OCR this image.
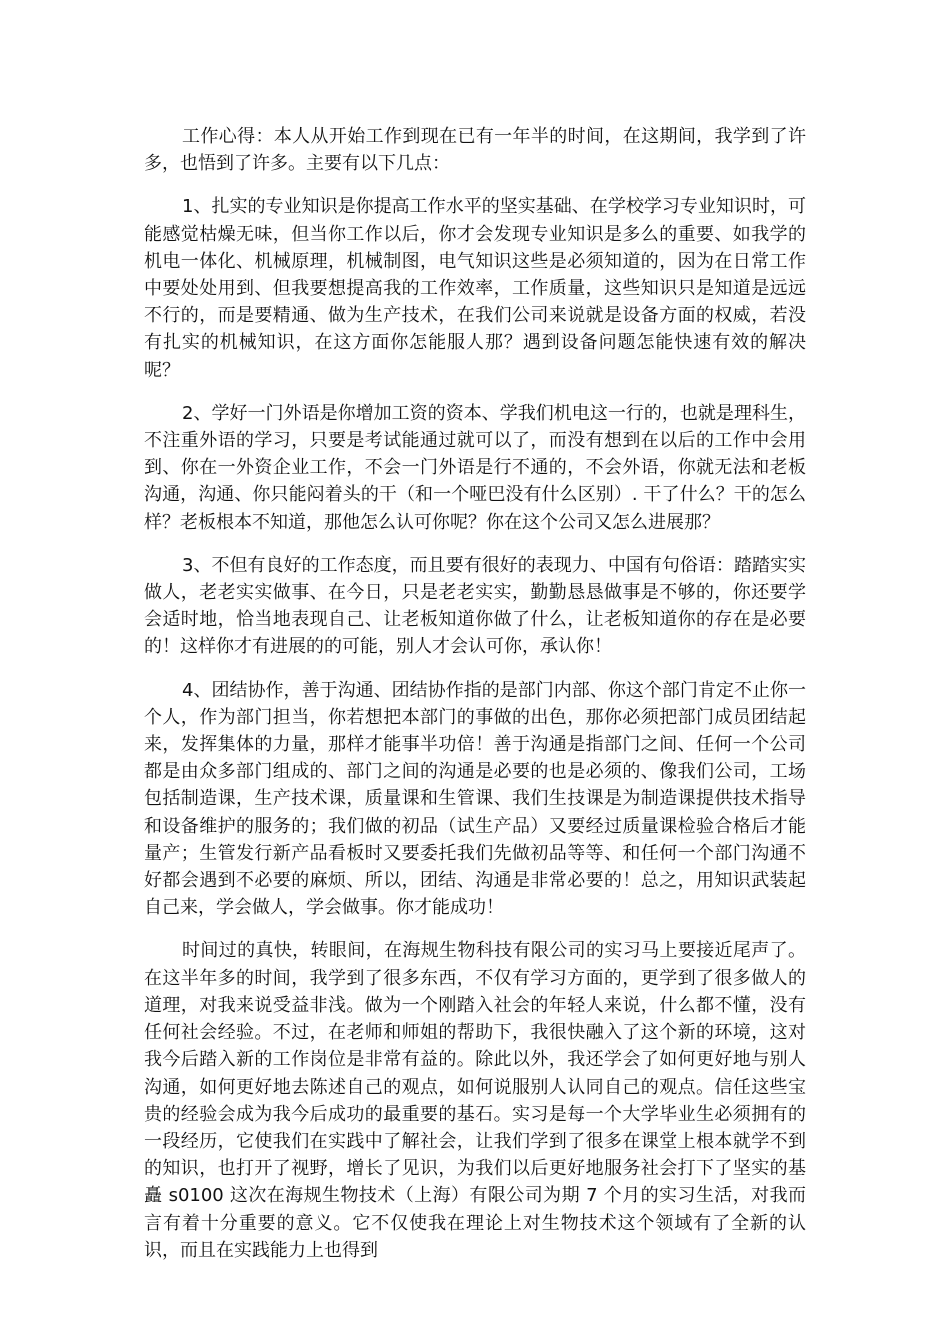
工作心得：本人从开始工作到现在已有一年半的时间，在这期间，我学到了许多，也悟到了许多。主要有以下几点：

1、扎实的专业知识是你提高工作水平的坚实基础、在学校学习专业知识时，可能感觉枯燥无味，但当你工作以后，你才会发现专业知识是多么的重要、如我学的机电一体化、机械原理，机械制图，电气知识这些是必须知道的，因为在日常工作中要处处用到、但我要想提高我的工作效率，工作质量，这些知识只是知道是远远不行的，而是要精通、做为生产技术，在我们公司来说就是设备方面的权威，若没有扎实的机械知识，在这方面你怎能服人那？遇到设备问题怎能快速有效的解决呢？

2、学好一门外语是你增加工资的资本、学我们机电这一行的，也就是理科生，不注重外语的学习，只要是考试能通过就可以了，而没有想到在以后的工作中会用到、你在一外资企业工作，不会一门外语是行不通的，不会外语，你就无法和老板沟通，沟通、你只能闷着头的干（和一个哑巴没有什么区别）. 干了什么？干的怎么样？老板根本不知道，那他怎么认可你呢？你在这个公司又怎么进展那？

3、不但有良好的工作态度，而且要有很好的表现力、中国有句俗语：踏踏实实做人，老老实实做事、在今日，只是老老实实，勤勤恳恳做事是不够的，你还要学会适时地，恰当地表现自己、让老板知道你做了什么，让老板知道你的存在是必要的！这样你才有进展的的可能，别人才会认可你，承认你！

4、团结协作，善于沟通、团结协作指的是部门内部、你这个部门肯定不止你一个人，作为部门担当，你若想把本部门的事做的出色，那你必须把部门成员团结起来，发挥集体的力量，那样才能事半功倍！善于沟通是指部门之间、任何一个公司都是由众多部门组成的、部门之间的沟通是必要的也是必须的、像我们公司，工场包括制造课，生产技术课，质量课和生管课、我们生技课是为制造课提供技术指导和设备维护的服务的；我们做的初品（试生产品）又要经过质量课检验合格后才能量产；生管发行新产品看板时又要委托我们先做初品等等、和任何一个部门沟通不好都会遇到不必要的麻烦、所以，团结、沟通是非常必要的！总之，用知识武装起自己来，学会做人，学会做事。你才能成功！

时间过的真快，转眼间，在海规生物科技有限公司的实习马上要接近尾声了。在这半年多的时间，我学到了很多东西，不仅有学习方面的，更学到了很多做人的道理，对我来说受益非浅。做为一个刚踏入社会的年轻人来说，什么都不懂，没有任何社会经验。不过，在老师和师姐的帮助下，我很快融入了这个新的环境，这对我今后踏入新的工作岗位是非常有益的。除此以外，我还学会了如何更好地与别人沟通，如何更好地去陈述自己的观点，如何说服别人认同自己的观点。信任这些宝贵的经验会成为我今后成功的最重要的基石。实习是每一个大学毕业生必须拥有的一段经历，它使我们在实践中了解社会，让我们学到了很多在课堂上根本就学不到的知识，也打开了视野，增长了见识，为我们以后更好地服务社会打下了坚实的基矗 s0100 这次在海规生物技术（上海）有限公司为期 7 个月的实习生活，对我而言有着十分重要的意义。它不仅使我在理论上对生物技术这个领域有了全新的认识，而且在实践能力上也得到
